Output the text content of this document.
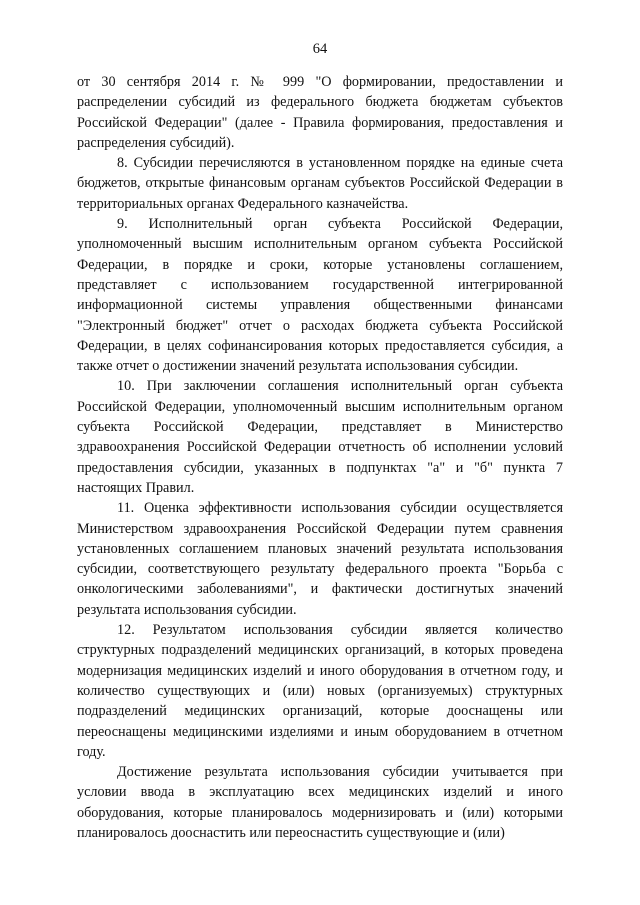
64

от 30 сентября 2014 г. № 999 "О формировании, предоставлении и распределении субсидий из федерального бюджета бюджетам субъектов Российской Федерации" (далее - Правила формирования, предоставления и распределения субсидий).

8. Субсидии перечисляются в установленном порядке на единые счета бюджетов, открытые финансовым органам субъектов Российской Федерации в территориальных органах Федерального казначейства.

9. Исполнительный орган субъекта Российской Федерации, уполномоченный высшим исполнительным органом субъекта Российской Федерации, в порядке и сроки, которые установлены соглашением, представляет с использованием государственной интегрированной информационной системы управления общественными финансами "Электронный бюджет" отчет о расходах бюджета субъекта Российской Федерации, в целях софинансирования которых предоставляется субсидия, а также отчет о достижении значений результата использования субсидии.

10. При заключении соглашения исполнительный орган субъекта Российской Федерации, уполномоченный высшим исполнительным органом субъекта Российской Федерации, представляет в Министерство здравоохранения Российской Федерации отчетность об исполнении условий предоставления субсидии, указанных в подпунктах "а" и "б" пункта 7 настоящих Правил.

11. Оценка эффективности использования субсидии осуществляется Министерством здравоохранения Российской Федерации путем сравнения установленных соглашением плановых значений результата использования субсидии, соответствующего результату федерального проекта "Борьба с онкологическими заболеваниями", и фактически достигнутых значений результата использования субсидии.

12. Результатом использования субсидии является количество структурных подразделений медицинских организаций, в которых проведена модернизация медицинских изделий и иного оборудования в отчетном году, и количество существующих и (или) новых (организуемых) структурных подразделений медицинских организаций, которые дооснащены или переоснащены медицинскими изделиями и иным оборудованием в отчетном году.

Достижение результата использования субсидии учитывается при условии ввода в эксплуатацию всех медицинских изделий и иного оборудования, которые планировалось модернизировать и (или) которыми планировалось дооснастить или переоснастить существующие и (или)
